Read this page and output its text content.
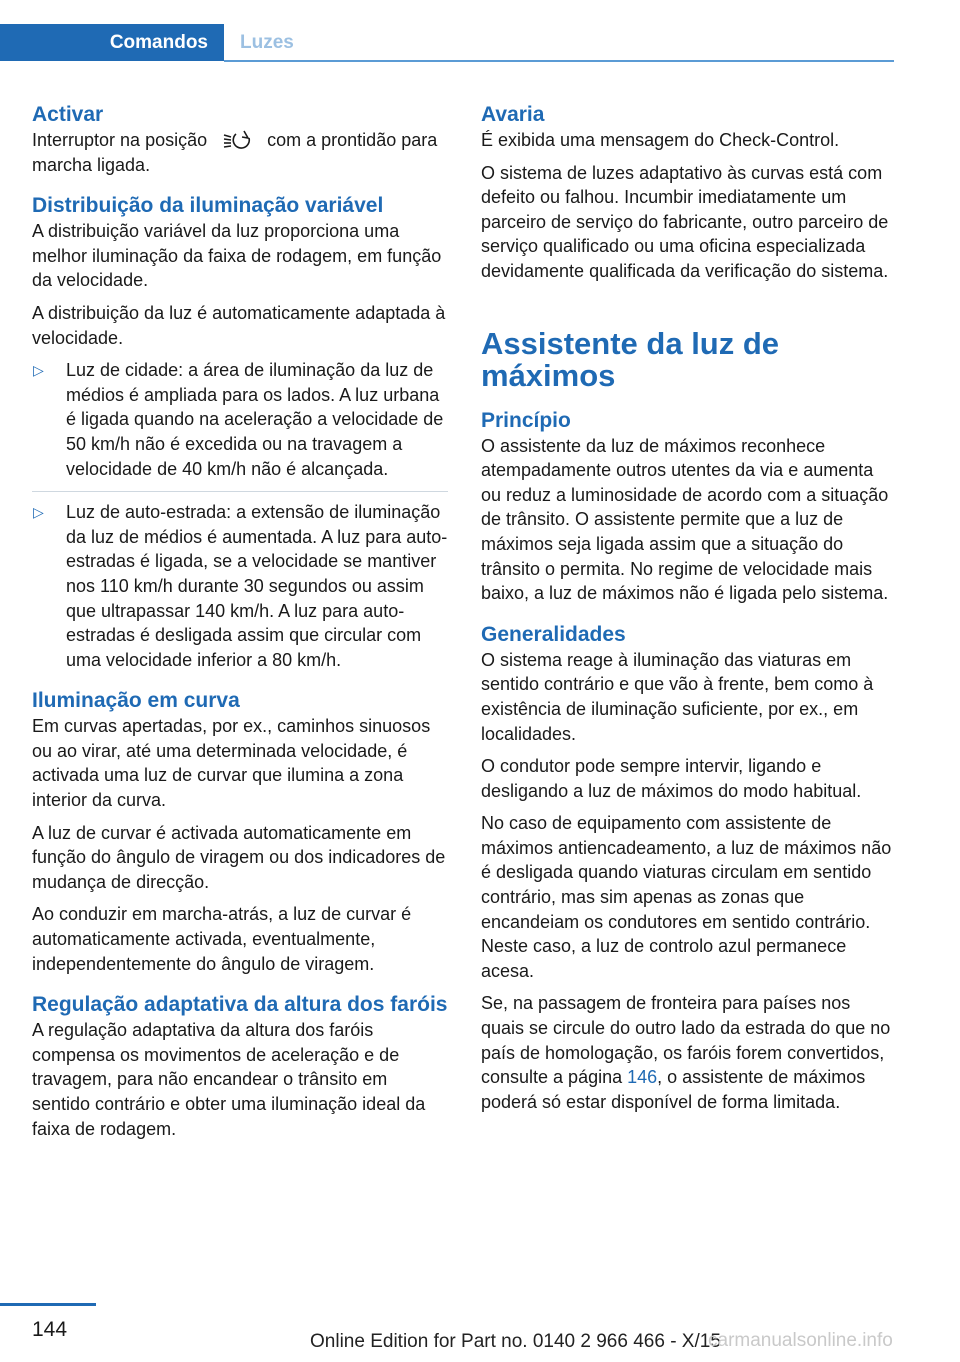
Comandos	Luzes
Activar

Interruptor na posição	com a prontidão para marcha ligada.

Distribuição da iluminação variável

A distribuição variável da luz proporciona uma melhor iluminação da faixa de rodagem, em função da velocidade.

A distribuição da luz é automaticamente adaptada à velocidade.

▷ Luz de cidade: a área de iluminação da luz de médios é ampliada para os lados. A luz urbana é ligada quando na aceleração a velocidade de 50 km/h não é excedida ou na travagem a velocidade de 40 km/h não é alcançada.
▷ Luz de auto-estrada: a extensão de iluminação da luz de médios é aumentada. A luz para auto-estradas é ligada, se a velocidade se mantiver nos 110 km/h durante 30 segundos ou assim que ultrapassar 140 km/h. A luz para auto-estradas é desligada assim que circular com uma velocidade inferior a 80 km/h.
Iluminação em curva

Em curvas apertadas, por ex., caminhos sinuosos ou ao virar, até uma determinada velocidade, é activada uma luz de curvar que ilumina a zona interior da curva.

A luz de curvar é activada automaticamente em função do ângulo de viragem ou dos indicadores de mudança de direcção.

Ao conduzir em marcha-atrás, a luz de curvar é automaticamente activada, eventualmente, independentemente do ângulo de viragem.

Regulação adaptativa da altura dos faróis

A regulação adaptativa da altura dos faróis compensa os movimentos de aceleração e de travagem, para não encandear o trânsito em sentido contrário e obter uma iluminação ideal da faixa de rodagem.

Avaria

É exibida uma mensagem do Check-Control.

O sistema de luzes adaptativo às curvas está com defeito ou falhou. Incumbir imediatamente um parceiro de serviço do fabricante, outro parceiro de serviço qualificado ou uma oficina especializada devidamente qualificada da verificação do sistema.

Assistente da luz de máximos
Princípio

O assistente da luz de máximos reconhece atempadamente outros utentes da via e aumenta ou reduz a luminosidade de acordo com a situação de trânsito. O assistente permite que a luz de máximos seja ligada assim que a situação do trânsito o permita. No regime de velocidade mais baixo, a luz de máximos não é ligada pelo sistema.

Generalidades

O sistema reage à iluminação das viaturas em sentido contrário e que vão à frente, bem como à existência de iluminação suficiente, por ex., em localidades.

O condutor pode sempre intervir, ligando e desligando a luz de máximos do modo habitual.

No caso de equipamento com assistente de máximos antiencadeamento, a luz de máximos não é desligada quando viaturas circulam em sentido contrário, mas sim apenas as zonas que encandeiam os condutores em sentido contrário. Neste caso, a luz de controlo azul permanece acesa.

Se, na passagem de fronteira para países nos quais se circule do outro lado da estrada do que no país de homologação, os faróis forem convertidos, consulte a página 146, o assistente de máximos poderá só estar disponível de forma limitada.

144
Online Edition for Part no. 0140 2 966 466 - X/15
carmanualsonline.info
